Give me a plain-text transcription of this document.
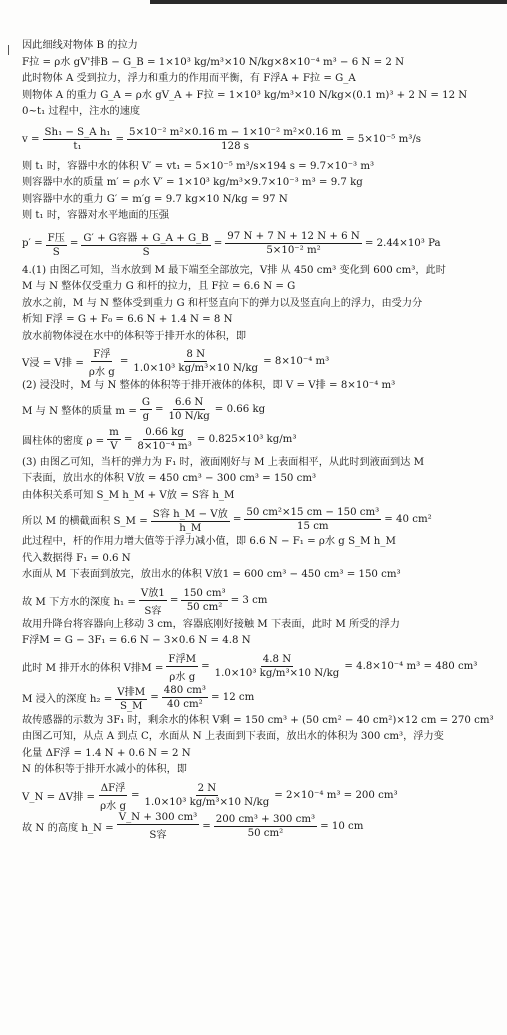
因此细线对物体 B 的拉力
F拉 = ρ水 gV'排B − G_B = 1×10³ kg/m³×10 N/kg×8×10⁻⁴ m³ − 6 N = 2 N
此时物体 A 受到拉力，浮力和重力的作用而平衡，有 F浮A + F拉 = G_A
则物体 A 的重力 G_A = ρ水 gV_A + F拉 = 1×10³ kg/m³×10 N/kg×(0.1 m)³ + 2 N = 12 N
0~t₁ 过程中，注水的速度
$v = \frac{\text{Sh₁ − S\_A h₁}}{\text{t₁}} = \frac{\text{5×10⁻² m²×0.16 m − 1×10⁻² m²×0.16 m}}{128 s} = 5\times 10^{-5}$ m³/s
则 t₁ 时，容器中水的体积 V′ = vt₁ = 5×10⁻⁵ m³/s×194 s = 9.7×10⁻³ m³
则容器中水的质量 m′ = ρ水 V′ = 1×10³ kg/m³×9.7×10⁻³ m³ = 9.7 kg
则容器中水的重力 G′ = m′g = 9.7 kg×10 N/kg = 97 N
则 t₁ 时，容器对水平地面的压强
$p' = \frac{\text{F压}}{S} = \frac{\text{G′ + G容器 + G\_A + G\_B}}{S} = \frac{97 N + 7 N + 12 N + 6 N}{\text{5×10⁻² m²}} = 2.44\times 10^3$ Pa
4.(1) 由图乙可知，当水放到 M 最下端至全部放完，V排 从 450 cm³ 变化到 600 cm³，此时
M 与 N 整体仅受重力 G 和杆的拉力，且 F拉 = 6.6 N = G
放水之前，M 与 N 整体受到重力 G 和杆竖直向下的弹力以及竖直向上的浮力，由受力分
析知 F浮 = G + F₀ = 6.6 N + 1.4 N = 8 N
放水前物体浸在水中的体积等于排开水的体积，即
V浸 = V排 = $\frac{\text{F浮}}{\text{ρ水 g}} = \frac{8 N}{\text{1.0×10³ kg/m³×10 N/kg}} = 8\times 10^{-4}$ m³
(2) 浸没时，M 与 N 整体的体积等于排开液体的体积，即 V = V排 = 8×10⁻⁴ m³
M 与 N 整体的质量 $m = \frac{G}{g} = \frac{6.6 N}{10 N/kg} = 0.66$ kg
圆柱体的密度 $\rho = \frac{m}{V} = \frac{0.66 kg}{\text{8×10⁻⁴ m³}} = 0.825\times 10^3$ kg/m³
(3) 由图乙可知，当杆的弹力为 F₁ 时，液面刚好与 M 上表面相平，从此时到液面到达 M
下表面，放出水的体积 V放 = 450 cm³ − 300 cm³ = 150 cm³
由体积关系可知 S_M h_M + V放 = S容 h_M
所以 M 的横截面积 S_M = $\frac{\text{S容 h\_M − V放}}{h\_M} = \frac{\text{50 cm²×15 cm − 150 cm³}}{15 cm} = 40$ cm²
此过程中，杆的作用力增大值等于浮力减小值，即 6.6 N − F₁ = ρ水 g S_M h_M
代入数据得 F₁ = 0.6 N
水面从 M 下表面到放完，放出水的体积 V放1 = 600 cm³ − 450 cm³ = 150 cm³
故 M 下方水的深度 $h_1 = \frac{\text{V放1}}{\text{S容}} = \frac{\text{150 cm³}}{\text{50 cm²}} = 3$ cm
故用升降台将容器向上移动 3 cm，容器底刚好接触 M 下表面，此时 M 所受的浮力
F浮M = G − 3F₁ = 6.6 N − 3×0.6 N = 4.8 N
此时 M 排开水的体积 V排$M = \frac{\text{F浮M}}{\text{ρ水 g}} = \frac{4.8 N}{\text{1.0×10³ kg/m³×10 N/kg}} = 4.8\times 10^{-4}$ m³ = 480 cm³
M 浸入的深度 $h_2 = \frac{\text{V排M}}{S\_M} = \frac{\text{480 cm³}}{\text{40 cm²}} = 12$ cm
故传感器的示数为 3F₁ 时，剩余水的体积 V剩 = 150 cm³ + (50 cm² − 40 cm²)×12 cm = 270 cm³
由图乙可知，从点 A 到点 C，水面从 N 上表面到下表面，放出水的体积为 300 cm³，浮力变
化量 ΔF浮 = 1.4 N + 0.6 N = 2 N
N 的体积等于排开水减小的体积，即
V_N = ΔV排 = $\frac{\text{ΔF浮}}{\text{ρ水 g}} = \frac{2 N}{\text{1.0×10³ kg/m³×10 N/kg}} = 2\times 10^{-4}$ m³ = 200 cm³
故 N 的高度 h_N = $\frac{\text{V\_N + 300 cm³}}{\text{S容}} = \frac{\text{200 cm³ + 300 cm³}}{\text{50 cm²}} = 10$ cm
